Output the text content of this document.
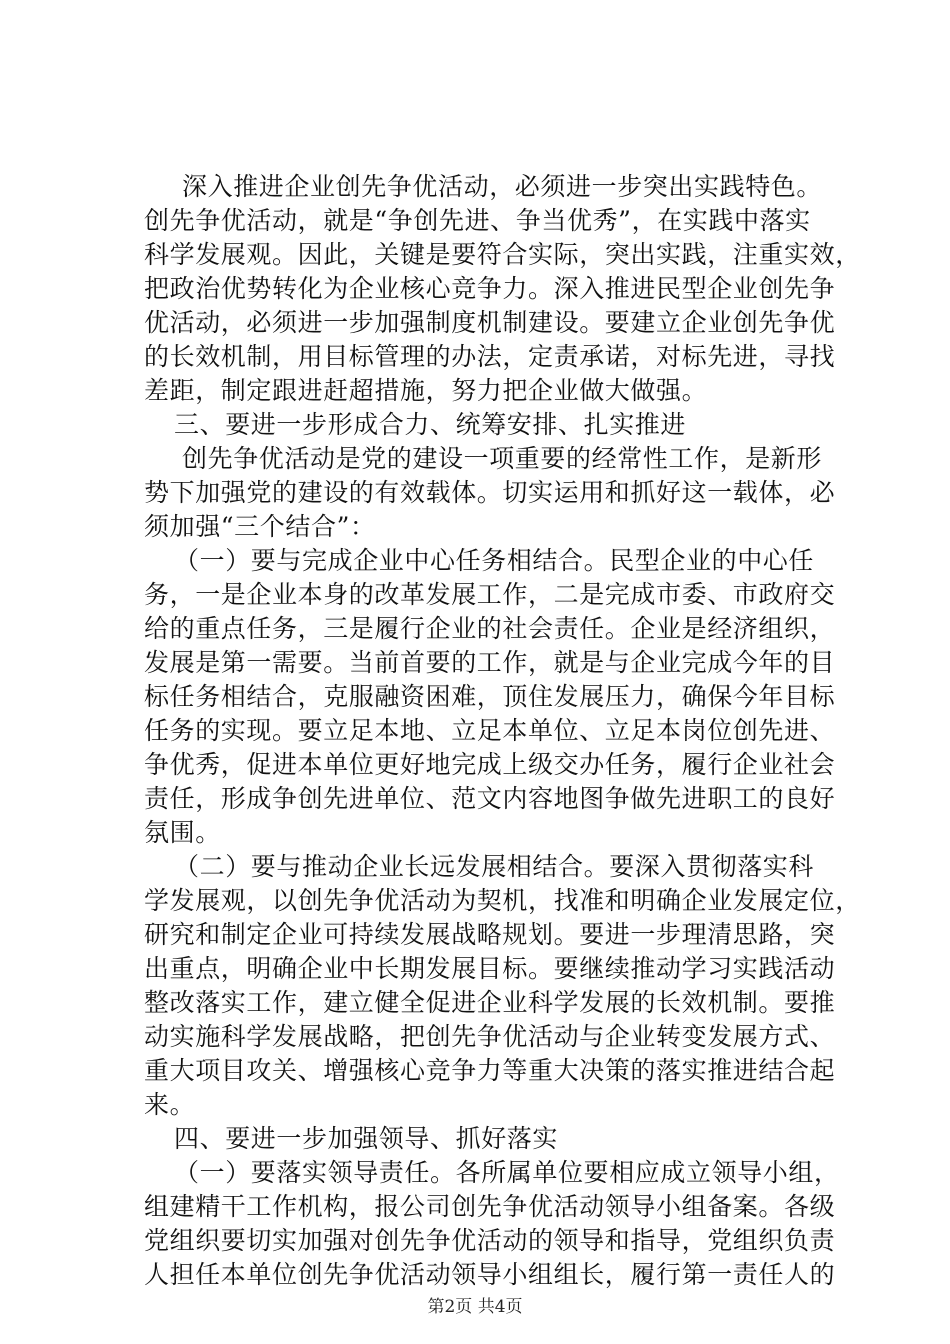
深入推进企业创先争优活动，必须进一步突出实践特色。
创先争优活动，就是“争创先进、争当优秀”，在实践中落实
科学发展观。因此，关键是要符合实际，突出实践，注重实效，
把政治优势转化为企业核心竞争力。深入推进民型企业创先争
优活动，必须进一步加强制度机制建设。要建立企业创先争优
的长效机制，用目标管理的办法，定责承诺，对标先进，寻找
差距，制定跟进赶超措施，努力把企业做大做强。
三、要进一步形成合力、统筹安排、扎实推进
创先争优活动是党的建设一项重要的经常性工作，是新形
势下加强党的建设的有效载体。切实运用和抓好这一载体，必
须加强“三个结合”：
（一）要与完成企业中心任务相结合。民型企业的中心任
务，一是企业本身的改革发展工作，二是完成市委、市政府交
给的重点任务，三是履行企业的社会责任。企业是经济组织，
发展是第一需要。当前首要的工作，就是与企业完成今年的目
标任务相结合，克服融资困难，顶住发展压力，确保今年目标
任务的实现。要立足本地、立足本单位、立足本岗位创先进、
争优秀，促进本单位更好地完成上级交办任务，履行企业社会
责任，形成争创先进单位、范文内容地图争做先进职工的良好
氛围。
（二）要与推动企业长远发展相结合。要深入贯彻落实科
学发展观，以创先争优活动为契机，找准和明确企业发展定位，
研究和制定企业可持续发展战略规划。要进一步理清思路，突
出重点，明确企业中长期发展目标。要继续推动学习实践活动
整改落实工作，建立健全促进企业科学发展的长效机制。要推
动实施科学发展战略，把创先争优活动与企业转变发展方式、
重大项目攻关、增强核心竞争力等重大决策的落实推进结合起
来。
四、要进一步加强领导、抓好落实
（一）要落实领导责任。各所属单位要相应成立领导小组，
组建精干工作机构，报公司创先争优活动领导小组备案。各级
党组织要切实加强对创先争优活动的领导和指导，党组织负责
人担任本单位创先争优活动领导小组组长，履行第一责任人的
第2页 共4页
